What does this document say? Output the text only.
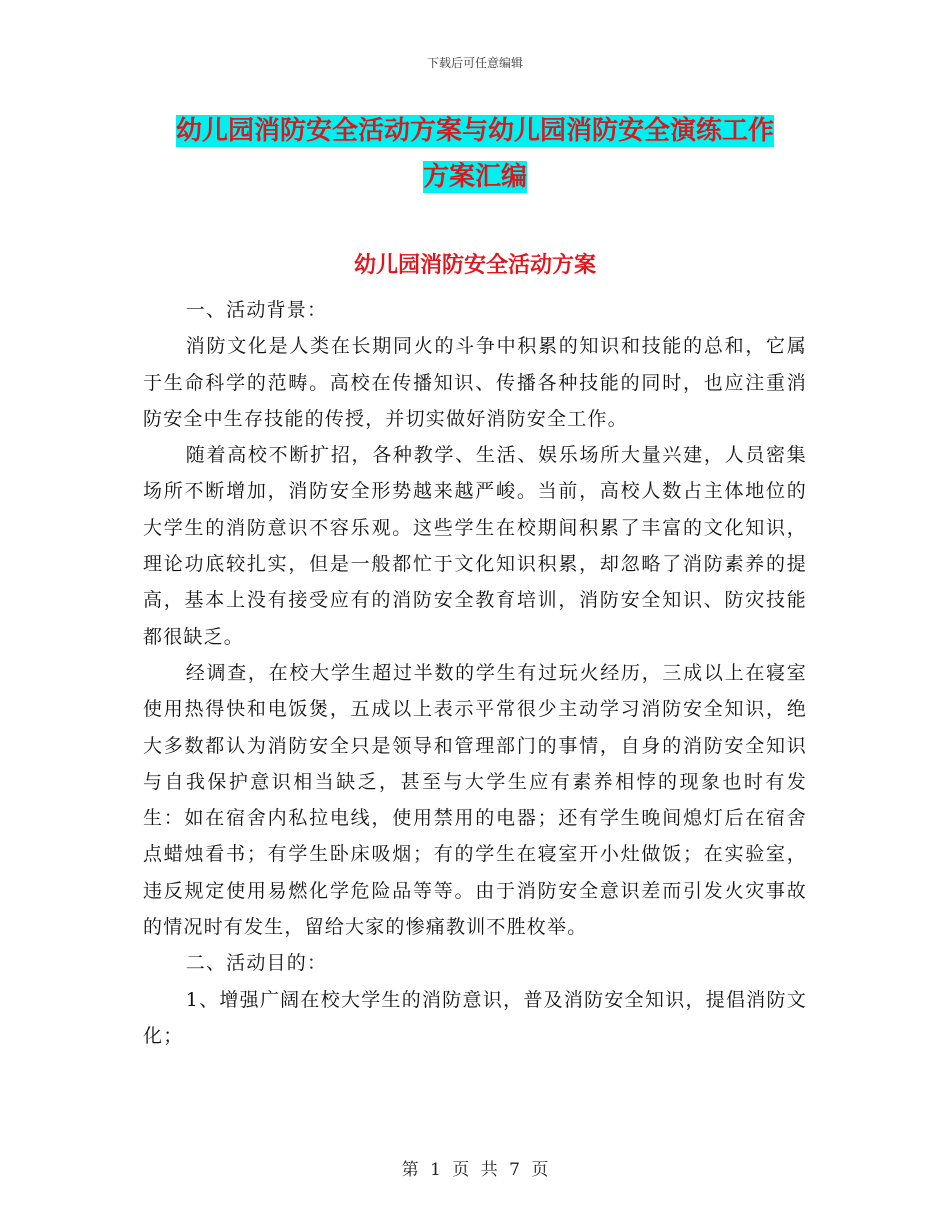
下载后可任意编辑
幼儿园消防安全活动方案与幼儿园消防安全演练工作
方案汇编
幼儿园消防安全活动方案

一、活动背景：

消防文化是人类在长期同火的斗争中积累的知识和技能的总和，它属于生命科学的范畴。高校在传播知识、传播各种技能的同时，也应注重消防安全中生存技能的传授，并切实做好消防安全工作。

随着高校不断扩招，各种教学、生活、娱乐场所大量兴建，人员密集场所不断增加，消防安全形势越来越严峻。当前，高校人数占主体地位的大学生的消防意识不容乐观。这些学生在校期间积累了丰富的文化知识，理论功底较扎实，但是一般都忙于文化知识积累，却忽略了消防素养的提高，基本上没有接受应有的消防安全教育培训，消防安全知识、防灾技能都很缺乏。

经调查，在校大学生超过半数的学生有过玩火经历，三成以上在寝室使用热得快和电饭煲，五成以上表示平常很少主动学习消防安全知识，绝大多数都认为消防安全只是领导和管理部门的事情，自身的消防安全知识与自我保护意识相当缺乏，甚至与大学生应有素养相悖的现象也时有发生：如在宿舍内私拉电线，使用禁用的电器；还有学生晚间熄灯后在宿舍点蜡烛看书；有学生卧床吸烟；有的学生在寝室开小灶做饭；在实验室，违反规定使用易燃化学危险品等等。由于消防安全意识差而引发火灾事故的情况时有发生，留给大家的惨痛教训不胜枚举。

二、活动目的：

1、增强广阔在校大学生的消防意识，普及消防安全知识，提倡消防文化；

第 1 页 共 7 页
